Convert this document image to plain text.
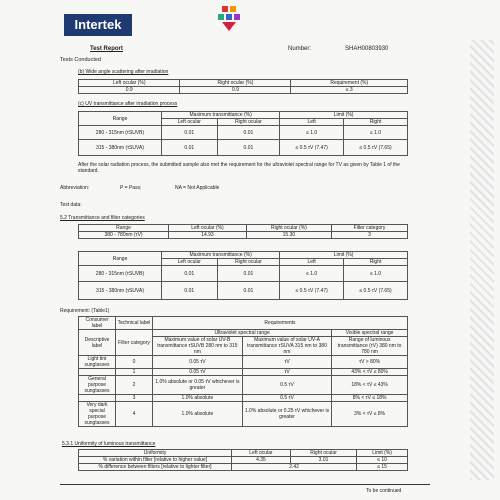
Intertek
Test Report	Number:	SHAH00803930
Tests Conducted
(b) Wide angle scattering after irradiation
Left ocular (%)	Right ocular (%)	Requirement (%)
0.9	0.9	≤ 3
(c) UV transmittance after irradiation process
Range	Maximum transmittance (%)		Limit (%)	
	Left ocular	Right ocular	Left	Right
280 - 315nm (τSUVB)	0.01	0.01	≤ 1.0	≤ 1.0
315 - 380nm (τSUVA)	0.01	0.01	≤ 0.5 τV (7.47)	≤ 0.5 τV (7.65)
After the solar radiation process, the submitted sample also met the requirement for the ultraviolet spectral range for TV as given by Table 1 of the standard.
Abbreviation:	P = Pass;	NA = Not Applicable
Test data:
5.2 Transmittance and filter categories
Range	Left ocular (%)	Right ocular (%)	Filter category
380 - 780nm (τV)	14.93	15.30	3
Range	Maximum transmittance (%)		Limit (%)	
	Left ocular	Right ocular	Left	Right
280 - 315nm (τSUVB)	0.01	0.01	≤ 1.0	≤ 1.0
315 - 380nm (τSUVA)	0.01	0.01	≤ 0.5 τV (7.47)	≤ 0.5 τV (7.65)
Requirement: (Table1)
Consumer label	Technical label	Requirements		
Descriptive label	Filter category	Ultraviolet spectral range		Visible spectral range
		Maximum value of solar UV-B transmittance τSUVB 280 nm to 315 nm	Maximum value of solar UV-A transmittance τSUVA 315 nm to 380 nm	Range of luminous transmittance (τV) 380 nm to 780 nm
Light tint sunglasses	0	0.05 τV	τV	τV > 80%
	1	0.05 τV	τV	43% < τV ≤ 80%
General purpose sunglasses	2	1.0% absolute or 0.05 τV whichever is greater	0.5 τV	18% < τV ≤ 43%
	3	1.0% absolute	0.5 τV	8% < τV ≤ 18%
Very dark special purpose sunglasses	4	1.0% absolute	1.0% absolute or 0.25 τV whichever is greater	3% < τV ≤ 8%
5.3.1 Uniformity of luminous transmittance
Uniformity	Left ocular	Right ocular	Limit (%)
% variation within filter [relative to higher value]	4.35	3.01	≤ 10
% difference between filters [relative to lighter filter]	2.42		≤ 15
To be continued
